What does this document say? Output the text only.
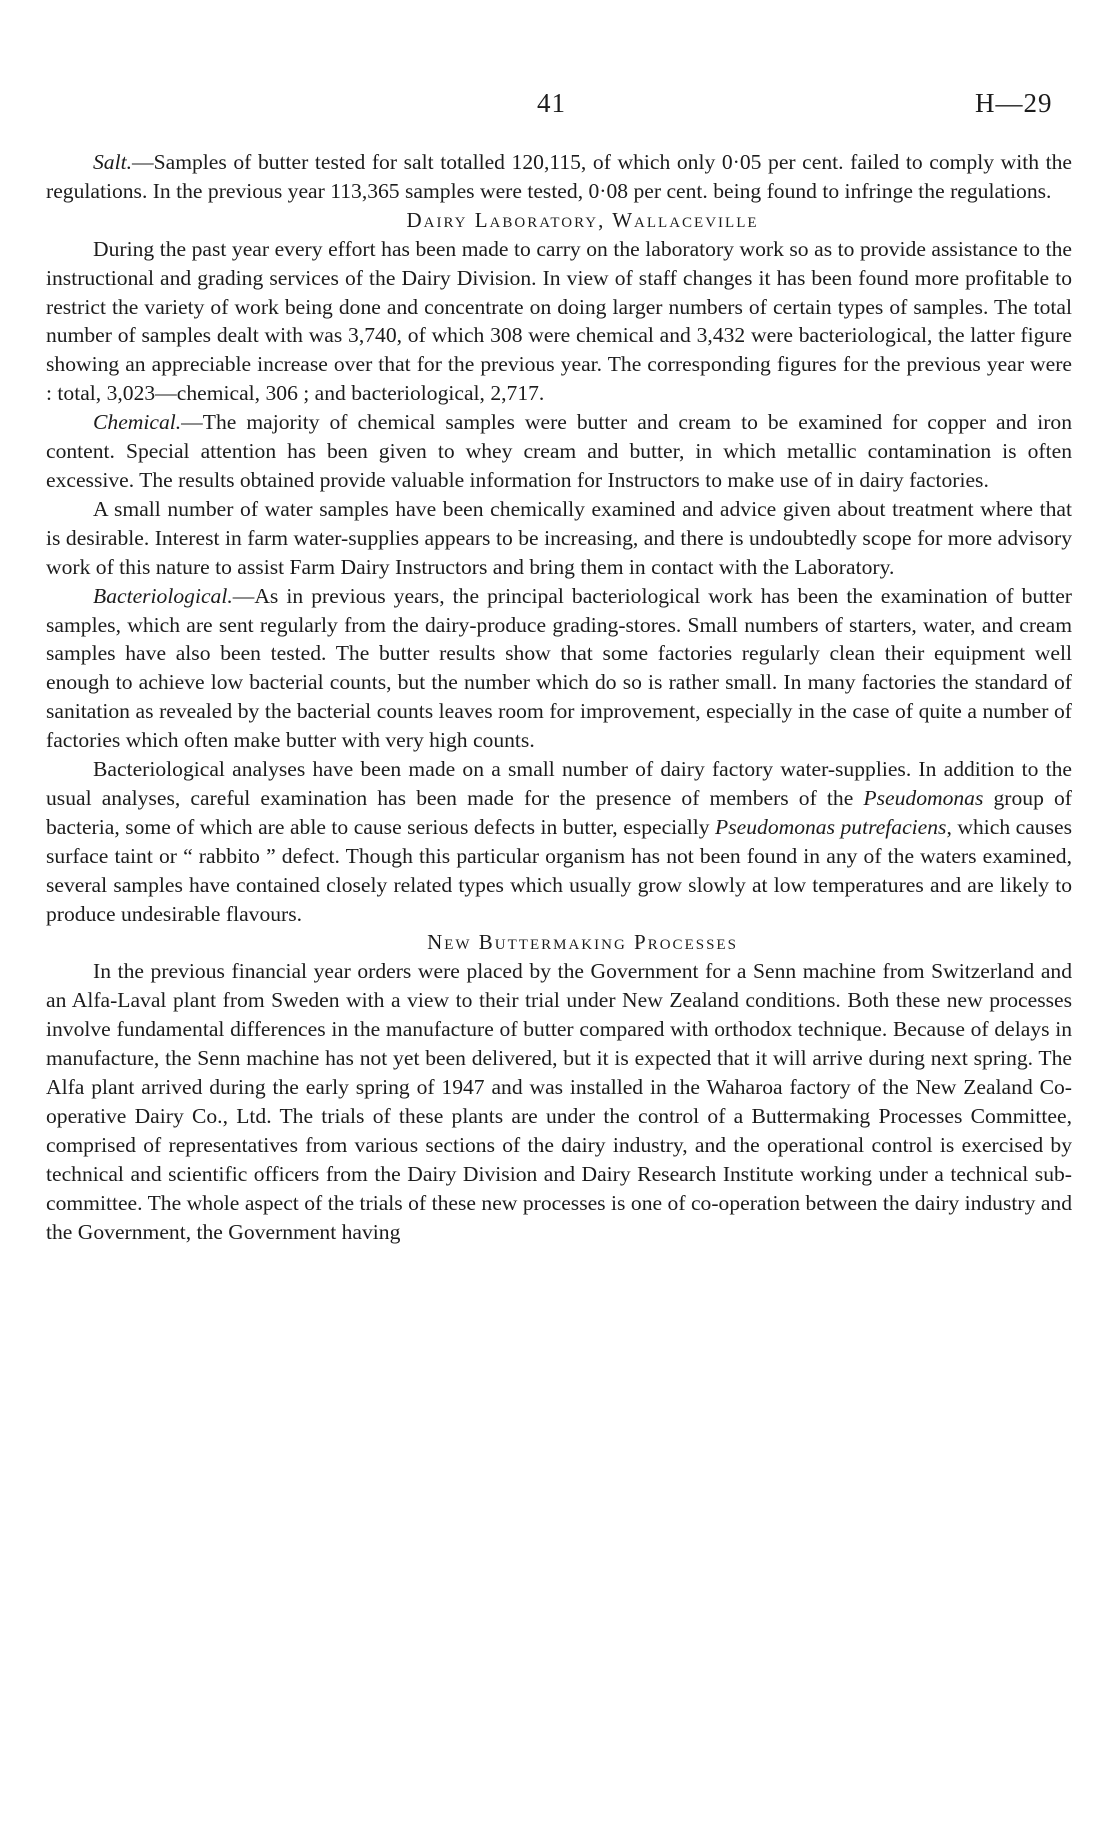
41	H—29

Salt.—Samples of butter tested for salt totalled 120,115, of which only 0·05 per cent. failed to comply with the regulations. In the previous year 113,365 samples were tested, 0·08 per cent. being found to infringe the regulations.

Dairy Laboratory, Wallaceville

During the past year every effort has been made to carry on the laboratory work so as to provide assistance to the instructional and grading services of the Dairy Division. In view of staff changes it has been found more profitable to restrict the variety of work being done and concentrate on doing larger numbers of certain types of samples. The total number of samples dealt with was 3,740, of which 308 were chemical and 3,432 were bacteriological, the latter figure showing an appreciable increase over that for the previous year. The corresponding figures for the previous year were : total, 3,023—chemical, 306 ; and bacteriological, 2,717.

Chemical.—The majority of chemical samples were butter and cream to be examined for copper and iron content. Special attention has been given to whey cream and butter, in which metallic contamination is often excessive. The results obtained provide valuable information for Instructors to make use of in dairy factories.

A small number of water samples have been chemically examined and advice given about treatment where that is desirable. Interest in farm water-supplies appears to be increasing, and there is undoubtedly scope for more advisory work of this nature to assist Farm Dairy Instructors and bring them in contact with the Laboratory.

Bacteriological.—As in previous years, the principal bacteriological work has been the examination of butter samples, which are sent regularly from the dairy-produce grading-stores. Small numbers of starters, water, and cream samples have also been tested. The butter results show that some factories regularly clean their equipment well enough to achieve low bacterial counts, but the number which do so is rather small. In many factories the standard of sanitation as revealed by the bacterial counts leaves room for improvement, especially in the case of quite a number of factories which often make butter with very high counts.

Bacteriological analyses have been made on a small number of dairy factory water-supplies. In addition to the usual analyses, careful examination has been made for the presence of members of the Pseudomonas group of bacteria, some of which are able to cause serious defects in butter, especially Pseudomonas putrefaciens, which causes surface taint or “ rabbito ” defect. Though this particular organism has not been found in any of the waters examined, several samples have contained closely related types which usually grow slowly at low temperatures and are likely to produce undesirable flavours.

New Buttermaking Processes

In the previous financial year orders were placed by the Government for a Senn machine from Switzerland and an Alfa-Laval plant from Sweden with a view to their trial under New Zealand conditions. Both these new processes involve fundamental differences in the manufacture of butter compared with orthodox technique. Because of delays in manufacture, the Senn machine has not yet been delivered, but it is expected that it will arrive during next spring. The Alfa plant arrived during the early spring of 1947 and was installed in the Waharoa factory of the New Zealand Co-operative Dairy Co., Ltd. The trials of these plants are under the control of a Buttermaking Processes Committee, comprised of representatives from various sections of the dairy industry, and the operational control is exercised by technical and scientific officers from the Dairy Division and Dairy Research Institute working under a technical sub-committee. The whole aspect of the trials of these new processes is one of co-operation between the dairy industry and the Government, the Government having
